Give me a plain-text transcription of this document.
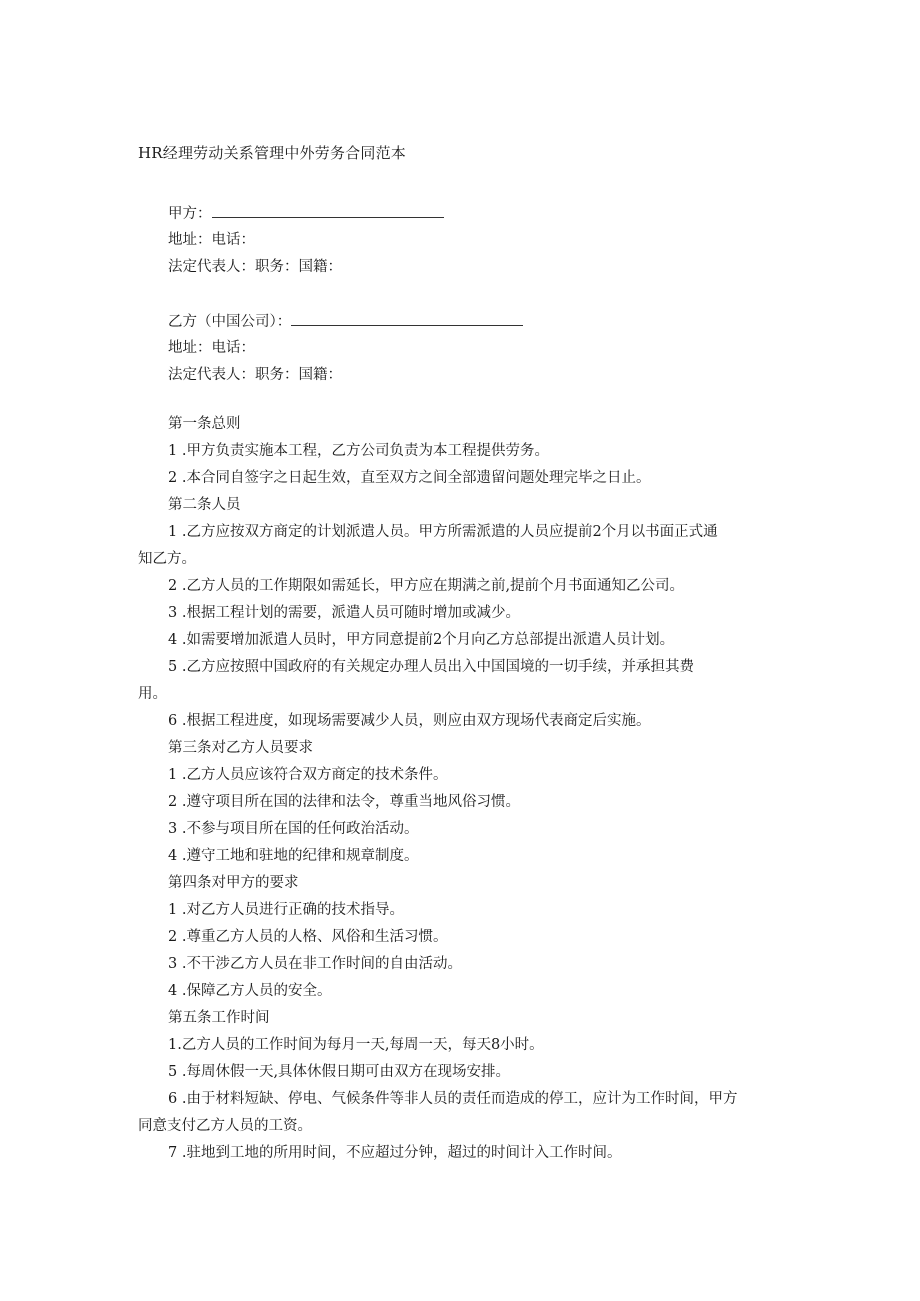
HR经理劳动关系管理中外劳务合同范本
甲方：
地址：电话：
法定代表人：职务：国籍：
乙方（中国公司）：
地址：电话：
法定代表人：职务：国籍：
第一条总则
1 .甲方负责实施本工程，乙方公司负责为本工程提供劳务。
2 .本合同自签字之日起生效，直至双方之间全部遗留问题处理完毕之日止。
第二条人员
1 .乙方应按双方商定的计划派遣人员。甲方所需派遣的人员应提前2个月以书面正式通
知乙方。
2 .乙方人员的工作期限如需延长，甲方应在期满之前,提前个月书面通知乙公司。
3 .根据工程计划的需要，派遣人员可随时增加或减少。
4 .如需要增加派遣人员时，甲方同意提前2个月向乙方总部提出派遣人员计划。
5 .乙方应按照中国政府的有关规定办理人员出入中国国境的一切手续，并承担其费
用。
6 .根据工程进度，如现场需要减少人员，则应由双方现场代表商定后实施。
第三条对乙方人员要求
1 .乙方人员应该符合双方商定的技术条件。
2 .遵守项目所在国的法律和法令，尊重当地风俗习惯。
3 .不参与项目所在国的任何政治活动。
4 .遵守工地和驻地的纪律和规章制度。
第四条对甲方的要求
1 .对乙方人员进行正确的技术指导。
2 .尊重乙方人员的人格、风俗和生活习惯。
3 .不干涉乙方人员在非工作时间的自由活动。
4 .保障乙方人员的安全。
第五条工作时间
1.乙方人员的工作时间为每月一天,每周一天，每天8小时。
5 .每周休假一天,具体休假日期可由双方在现场安排。
6 .由于材料短缺、停电、气候条件等非人员的责任而造成的停工，应计为工作时间，甲方
同意支付乙方人员的工资。
7 .驻地到工地的所用时间，不应超过分钟，超过的时间计入工作时间。
